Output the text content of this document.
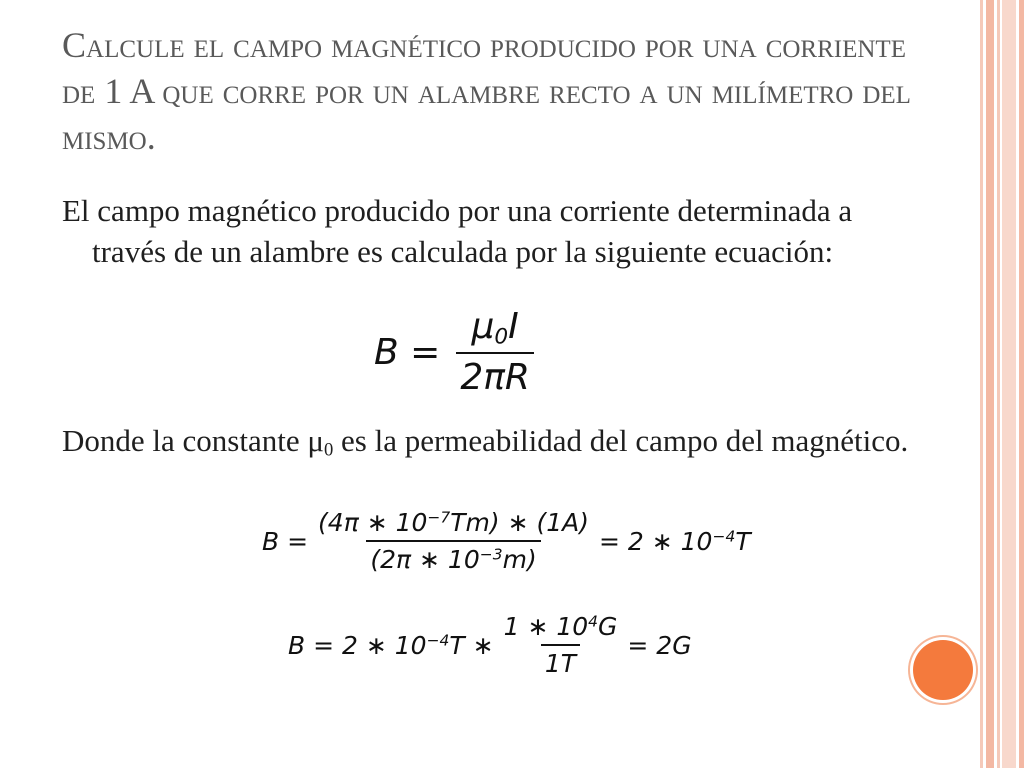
Calcule el campo magnético producido por una corriente de 1 A que corre por un alambre recto a un milímetro del mismo.

El campo magnético producido por una corriente determinada a través de un alambre es calculada por la siguiente ecuación:

$B = \frac{\mu_0I}{2\pi R}$

Donde la constante $\mu_0$ es la permeabilidad del campo del magnético.

$B = \frac{(4\pi ∗ 10^{-7}Tm) ∗ (1A)}{(2\pi ∗ 10^{-3}m)} = 2$ ∗ $10^{-4}T$
B = 2 ∗ $10^{-4}T$ ∗ $\frac{1 ∗ 10^4G}{1T} = 2G$
